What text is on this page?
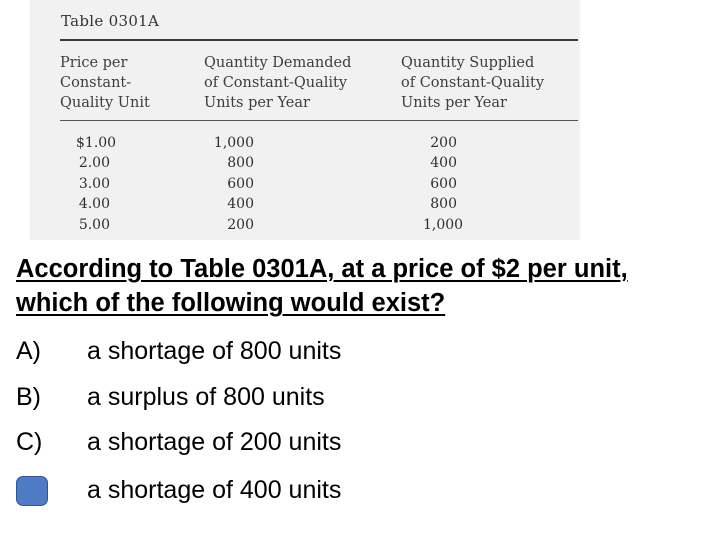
Table 0301A
Price per
Constant-
Quality Unit
Quantity Demanded
of Constant-Quality
Units per Year
Quantity Supplied
of Constant-Quality
Units per Year
$1.00
2.00
3.00
4.00
5.00
1,000
800
600
400
200
200
400
600
800
1,000
According to Table 0301A, at a price of $2 per unit,
which of the following would exist?
A) a shortage of 800 units
B) a surplus of 800 units
C) a shortage of 200 units
a shortage of 400 units
